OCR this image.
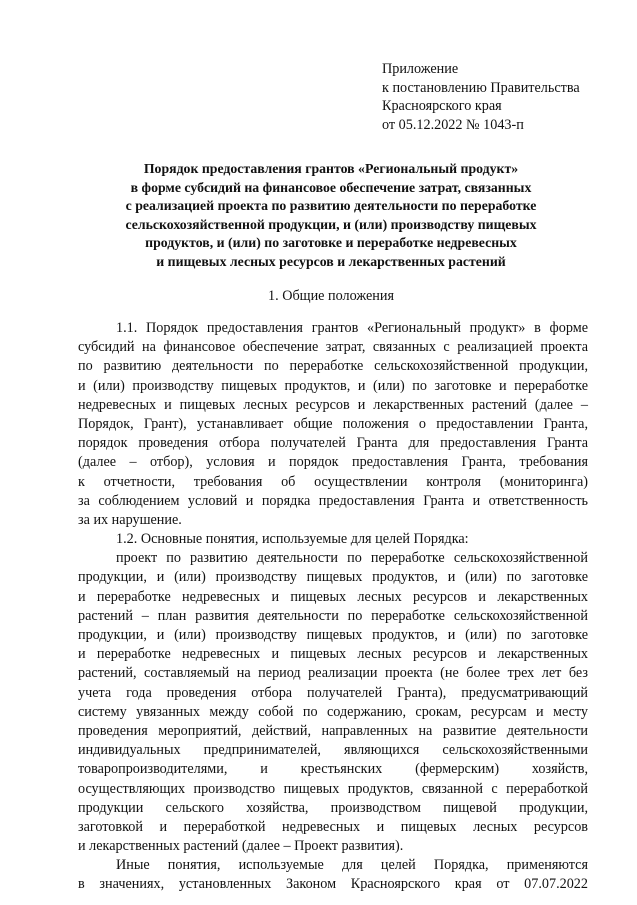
Приложение
к постановлению Правительства
Красноярского края
от 05.12.2022 № 1043-п
Порядок предоставления грантов «Региональный продукт»
в форме субсидий на финансовое обеспечение затрат, связанных
с реализацией проекта по развитию деятельности по переработке
сельскохозяйственной продукции, и (или) производству пищевых
продуктов, и (или) по заготовке и переработке недревесных
и пищевых лесных ресурсов и лекарственных растений
1. Общие положения
1.1. Порядок предоставления грантов «Региональный продукт» в форме
субсидий на финансовое обеспечение затрат, связанных с реализацией проекта
по развитию деятельности по переработке сельскохозяйственной продукции,
и (или) производству пищевых продуктов, и (или) по заготовке и переработке
недревесных и пищевых лесных ресурсов и лекарственных растений (далее –
Порядок, Грант), устанавливает общие положения о предоставлении Гранта,
порядок проведения отбора получателей Гранта для предоставления Гранта
(далее – отбор), условия и порядок предоставления Гранта, требования
к отчетности, требования об осуществлении контроля (мониторинга)
за соблюдением условий и порядка предоставления Гранта и ответственность
за их нарушение.
1.2. Основные понятия, используемые для целей Порядка:
проект по развитию деятельности по переработке сельскохозяйственной
продукции, и (или) производству пищевых продуктов, и (или) по заготовке
и переработке недревесных и пищевых лесных ресурсов и лекарственных
растений – план развития деятельности по переработке сельскохозяйственной
продукции, и (или) производству пищевых продуктов, и (или) по заготовке
и переработке недревесных и пищевых лесных ресурсов и лекарственных
растений, составляемый на период реализации проекта (не более трех лет без
учета года проведения отбора получателей Гранта), предусматривающий
систему увязанных между собой по содержанию, срокам, ресурсам и месту
проведения мероприятий, действий, направленных на развитие деятельности
индивидуальных предпринимателей, являющихся сельскохозяйственными
товаропроизводителями, и крестьянских (фермерским) хозяйств,
осуществляющих производство пищевых продуктов, связанной с переработкой
продукции сельского хозяйства, производством пищевой продукции,
заготовкой и переработкой недревесных и пищевых лесных ресурсов
и лекарственных растений (далее – Проект развития).
Иные понятия, используемые для целей Порядка, применяются
в значениях, установленных Законом Красноярского края от 07.07.2022
